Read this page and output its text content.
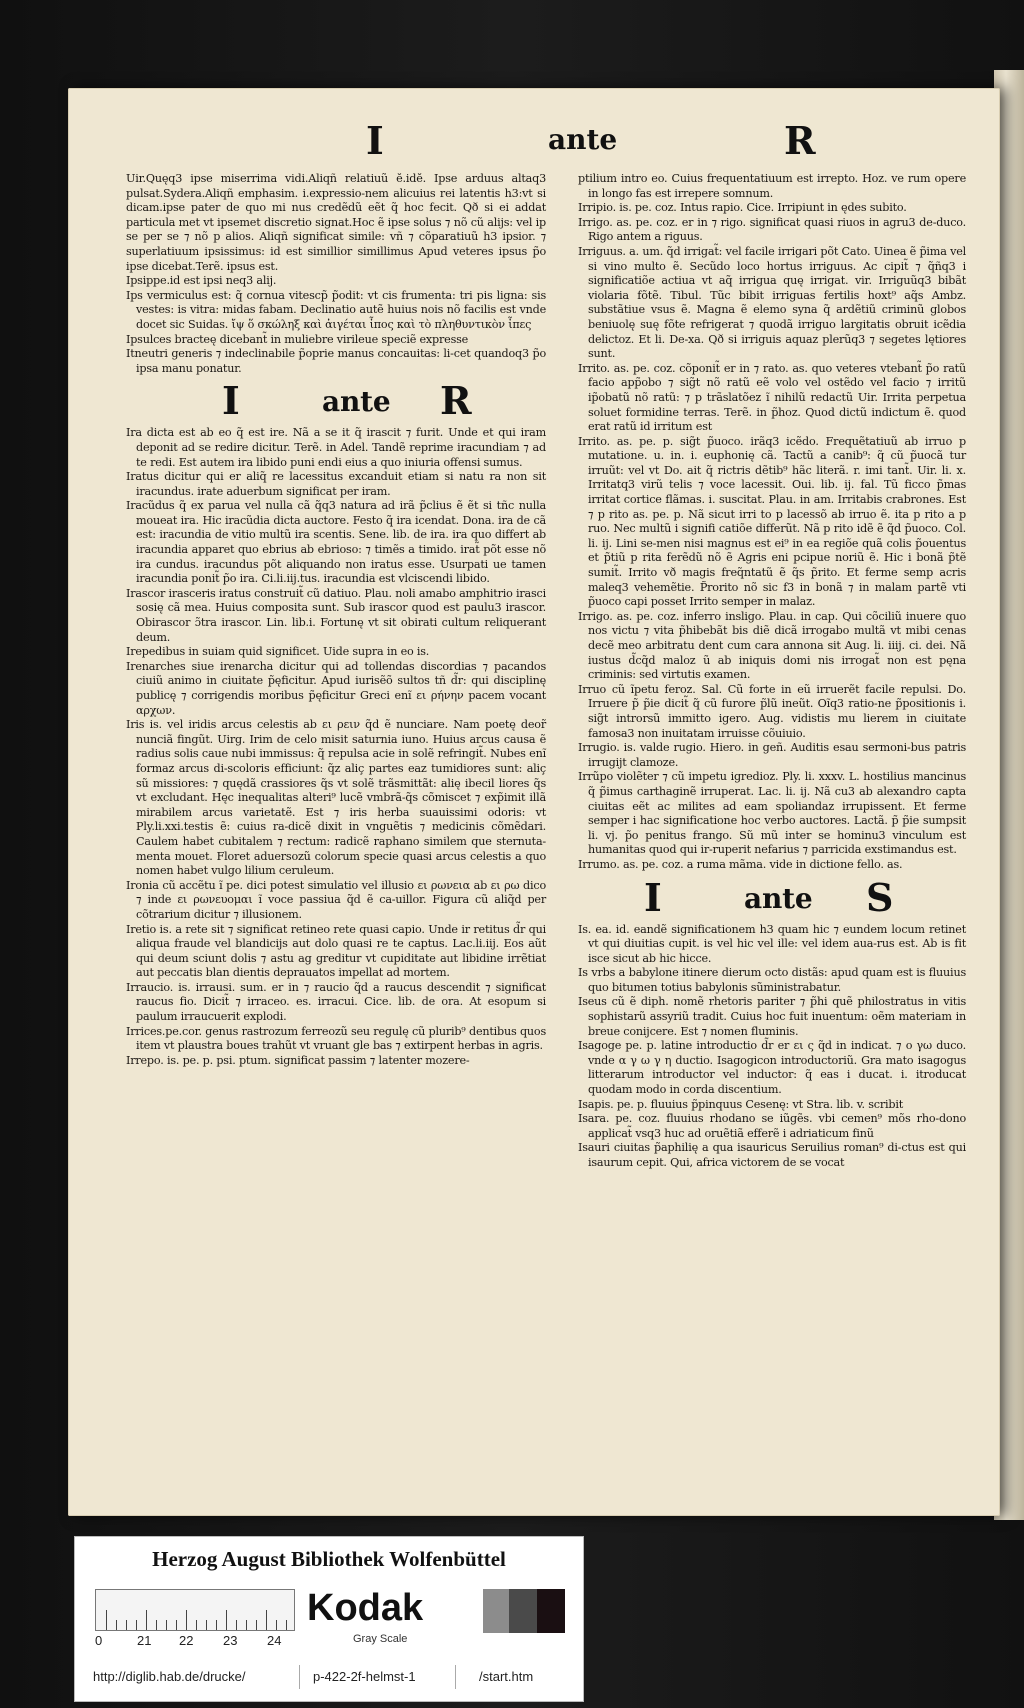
I	ante	R

Uir.Quęq3 ipse miserrima vidi.Aliqñ relatiuũ ĕ.idĕ. Ipse arduus altaq3 pulsat.Sydera.Aliqñ emphasim. i.expressio-nem alicuius rei latentis h3:vt si dicam.ipse pater de quo mi nus credẽdũ eẽt q̃ hoc fecit. Qð si ei addat particula met vt ipsemet discretio signat.Hoc ẽ ipse solus ⁊ nõ cũ alijs: vel ip se per se ⁊ nõ p alios. Aliqñ significat simile: vñ ⁊ cõparatiuũ h3 ipsior. ⁊ superlatiuum ipsissimus: id est simillior simillimus Apud veteres ipsus p̃o ipse dicebat.Terẽ. ipsus est.

Ipsippe.id est ipsi neq3 alij.

Ips vermiculus est: q̃ cornua vitescp̃ p̃odit: vt cis frumenta: tri pis ligna: sis vestes: is vitra: midas fabam. Declinatio autẽ huius nois nõ facilis est vnde docet sic Suidas. ἴψ ὅ σκώληξ καὶ ἀιγέται ἶπος καὶ τὸ πληθυντικὸν ἶπες

Ipsulces bracteę dicebant̃ in muliebre virileue speciẽ expresse

Itneutri generis ⁊ indeclinabile p̃oprie manus concauitas: li-cet quandoq3 p̃o ipsa manu ponatur.

I	ante R

Ira dicta est ab eo q̃ est ire. Nã a se it q̃ irascit ⁊ furit. Unde et qui iram deponit ad se redire dicitur. Terẽ. in Adel. Tandẽ reprime iracundiam ⁊ ad te redi. Est autem ira libido puni endi eius a quo iniuria offensi sumus.

Iratus dicitur qui er aliq̃ re lacessitus excanduit etiam si natu ra non sit iracundus. irate aduerbum significat per iram.

Iracũdus q̃ ex parua vel nulla cã q̃q3 natura ad irã p̃clius ẽ ẽt si tñc nulla moueat ira. Hic iracũdia dicta auctore. Festo q̃ ira icendat. Dona. ira de cã est: iracundia de vitio multũ ira scentis. Sene. lib. de ira. ira quo differt ab iracundia apparet quo ebrius ab ebrioso: ⁊ timẽs a timido. irat̃ põt esse nõ ira cundus. iracundus põt aliquando non iratus esse. Usurpati ue tamen iracundia ponit̃ p̃o ira. Ci.li.iij.tus. iracundia est vlciscendi libido.

Irascor irasceris iratus construit̃ cũ datiuo. Plau. noli amabo amphitrio irasci sosię cã mea. Huius composita sunt. Sub irascor quod est paulu3 irascor. Obirascor ɔ̃tra irascor. Lin. lib.i. Fortunę vt sit obirati cultum reliquerant deum.

Irepedibus in suiam quid significet. Uide supra in eo is.

Irenarches siue irenarcha dicitur qui ad tollendas discordias ⁊ pacandos ciuiũ animo in ciuitate p̃ęficitur. Apud iurisẽõ sultos tñ d̃r: qui disciplinę publicę ⁊ corrigendis moribus p̃ęficitur Greci enĩ ει ρήνην pacem vocant αρχων.

Iris is. vel iridis arcus celestis ab ει ρειν q̃d ẽ nunciare. Nam poetę deor̃ nunciã fingũt. Uirg. Irim de celo misit saturnia iuno. Huius arcus causa ẽ radius solis caue nubi immissus: q̃ repulsa acie in solẽ refringit̃. Nubes enĩ formaz arcus di-scoloris efficiunt: q̃z aliç partes eaz tumidiores sunt: aliç sũ missiores: ⁊ quędã crassiores q̃s vt solẽ trãsmittãt: alię ibecil liores q̃s vt excludant. Hęc inequalitas alteri⁹ lucẽ vmbrã-q̃s cõmiscet ⁊ exp̃imit illã mirabilem arcus varietatẽ. Est ⁊ iris herba suauissimi odoris: vt Ply.li.xxi.testis ẽ: cuius ra-dicẽ dixit in vnguẽtis ⁊ medicinis cõmẽdari. Caulem habet cubitalem ⁊ rectum: radicẽ raphano similem que sternuta-menta mouet. Floret aduersozũ colorum specie quasi arcus celestis a quo nomen habet vulgo lilium ceruleum.

Ironia cũ accẽtu ĩ pe. dici potest simulatio vel illusio ει ρωνεια ab ει ρω dico ⁊ inde ει ρωνευομαι ĩ voce passiua q̃d ẽ ca-uillor. Figura cũ aliq̃d per cõtrarium dicitur ⁊ illusionem.

Iretio is. a rete sit ⁊ significat retineo rete quasi capio. Unde ir retitus d̃r qui aliqua fraude vel blandicijs aut dolo quasi re te captus. Lac.li.iij. Eos aũt qui deum sciunt dolis ⁊ astu ag greditur vt cupiditate aut libidine irrẽtiat aut peccatis blan dientis deprauatos impellat ad mortem.

Irraucio. is. irrausi. sum. er in ⁊ raucio q̃d a raucus descendit ⁊ significat raucus fio. Dicit̃ ⁊ irraceo. es. irracui. Cice. lib. de ora. At esopum si paulum irraucuerit explodi.

Irrices.pe.cor. genus rastrozum ferreozũ seu regulę cũ plurib⁹ dentibus quos item vt plaustra boues trahũt vt vruant gle bas ⁊ extirpent herbas in agris.

Irrepo. is. pe. p. psi. ptum. significat passim ⁊ latenter mozere-

ptilium intro eo. Cuius frequentatiuum est irrepto. Hoz. ve rum opere in longo fas est irrepere somnum.

Irripio. is. pe. coz. Intus rapio. Cice. Irripiunt in ędes subito.

Irrigo. as. pe. coz. er in ⁊ rigo. significat quasi riuos in agru3 de-duco. Rigo antem a riguus.

Irriguus. a. um. q̃d irrigat̃: vel facile irrigari põt Cato. Uinea ẽ p̃ima vel si vino multo ẽ. Secũdo loco hortus irriguus. Ac cipit̃ ⁊ q̃ñq3 i significatiõe actiua vt aq̃ irrigua quę irrigat. vir. Irriguũq3 bibãt violaria fõtẽ. Tibul. Tũc bibit irriguas fertilis hoxt⁹ aq̃s Ambz. substãtiue vsus ẽ. Magna ẽ elemo syna q̃ ardẽtiũ criminũ globos beniuolę suę fõte refrigerat ⁊ quodã irriguo largitatis obruit icẽdia delictoz. Et li. De-xa. Qð si irriguis aquaz plerũq3 ⁊ segetes lętiores sunt.

Irrito. as. pe. coz. cõponit̃ er in ⁊ rato. as. quo veteres vtebant̃ p̃o ratũ facio app̃obo ⁊ sig̃t nõ ratũ eẽ volo vel ostẽdo vel facio ⁊ irritũ ip̃obatũ nõ ratũ: ⁊ p trãslatõez ĩ nihilũ redactũ Uir. Irrita perpetua soluet formidine terras. Terẽ. in p̃hoz. Quod dictũ indictum ẽ. quod erat ratũ id irritum est

Irrito. as. pe. p. sig̃t p̃uoco. irãq3 icẽdo. Frequẽtatiuũ ab irruo p mutatione. u. in. i. euphonię cã. Tactũ a canib⁹: q̃ cũ p̃uocã tur irruũt: vel vt Do. ait q̃ rictris dẽtib⁹ hãc literã. r. imi tant̃. Uir. li. x. Irritatq3 virũ telis ⁊ voce lacessit. Oui. lib. ij. fal. Tũ ficco p̃mas irritat cortice flãmas. i. suscitat. Plau. in am. Irritabis crabrones. Est ⁊ p rito as. pe. p. Nã sicut irri to p lacessõ ab irruo ẽ. ita p rito a p ruo. Nec multũ i signifi catiõe differũt. Nã p rito idẽ ẽ q̃d p̃uoco. Col. li. ij. Lini se-men nisi magnus est ei⁹ in ea regiõe quã colis p̃ouentus et p̃tiũ p rita ferẽdũ nõ ẽ Agris eni pcipue noriũ ẽ. Hic i bonã p̃tẽ sumit̃. Irrito vð magis freq̃ntatũ ẽ q̃s p̃rito. Et ferme semp acris maleq3 vehemẽtie. P̃rorito nõ sic f3 in bonã ⁊ in malam partẽ vti p̃uoco capi posset Irrito semper in malaz.

Irrigo. as. pe. coz. inferro insligo. Plau. in cap. Qui cõciliũ inuere quo nos victu ⁊ vita p̃hibebãt bis diẽ dicã irrogabo multã vt mibi cenas decẽ meo arbitratu dent cum cara annona sit Aug. li. iiij. ci. dei. Nã iustus d̃cq̃d maloz ũ ab iniquis domi nis irrogat̃ non est pęna criminis: sed virtutis examen.

Irruo cũ ĩpetu feroz. Sal. Cũ forte in eũ irruerẽt facile repulsi. Do. Irruere p̃ p̃ie dicit̃ q̃ cũ furore p̃lũ ineũt. Oĩq3 ratio-ne p̃positionis i. sig̃t introrsũ immitto igero. Aug. vidistis mu lierem in ciuitate famosa3 non inuitatam irruisse cõuiuio.

Irrugio. is. valde rugio. Hiero. in geñ. Auditis esau sermoni-bus patris irrugijt clamoze.

Irrũpo violẽter ⁊ cũ impetu igredioz. Ply. li. xxxv. L. hostilius mancinus q̃ p̃imus carthaginẽ irruperat. Lac. li. ij. Nã cu3 ab alexandro capta ciuitas eẽt ac milites ad eam spoliandaz irrupissent. Et ferme semper i hac significatione hoc verbo auctores. Lactã. p̃ p̃ie sumpsit li. vj. p̃o penitus frango. Sũ mũ inter se hominu3 vinculum est humanitas quod qui ir-ruperit nefarius ⁊ parricida exstimandus est.

Irrumo. as. pe. coz. a ruma mãma. vide in dictione fello. as.

I	ante S

Is. ea. id. eandẽ significationem h3 quam hic ⁊ eundem locum retinet vt qui diuitias cupit. is vel hic vel ille: vel idem aua-rus est. Ab is fit isce sicut ab hic hicce.

Is vrbs a babylone itinere dierum octo distãs: apud quam est is fluuius quo bitumen totius babylonis sũministrabatur.

Iseus cũ ẽ diph. nomẽ rhetoris pariter ⁊ p̃hi quẽ philostratus in vitis sophistarũ assyriũ tradit. Cuius hoc fuit inuentum: oẽm materiam in breue conijcere. Est ⁊ nomen fluminis.

Isagoge pe. p. latine introductio d̃r er ει ς q̃d in indicat. ⁊ ο γω duco. vnde α γ ω γ η ductio. Isagogicon introductoriũ. Gra mato isagogus litterarum introductor vel inductor: q̃ eas i ducat. i. itroducat quodam modo in corda discentium.

Isapis. pe. p. fluuius p̃pinquus Cesenę: vt Stra. lib. v. scribit

Isara. pe. coz. fluuius rhodano se iũgẽs. vbi cemen⁹ mõs rho-dono applicat̃ vsq3 huc ad oruẽtiã efferẽ i adriaticum finũ

Isauri ciuitas p̃aphilię a qua isauricus Seruilius roman⁹ di-ctus est qui isaurum cepit. Qui, africa victorem de se vocat

Herzog August Bibliothek Wolfenbüttel
0	21 22 23 24
Kodak
Gray Scale
http://diglib.hab.de/drucke/	p-422-2f-helmst-1	/start.htm
